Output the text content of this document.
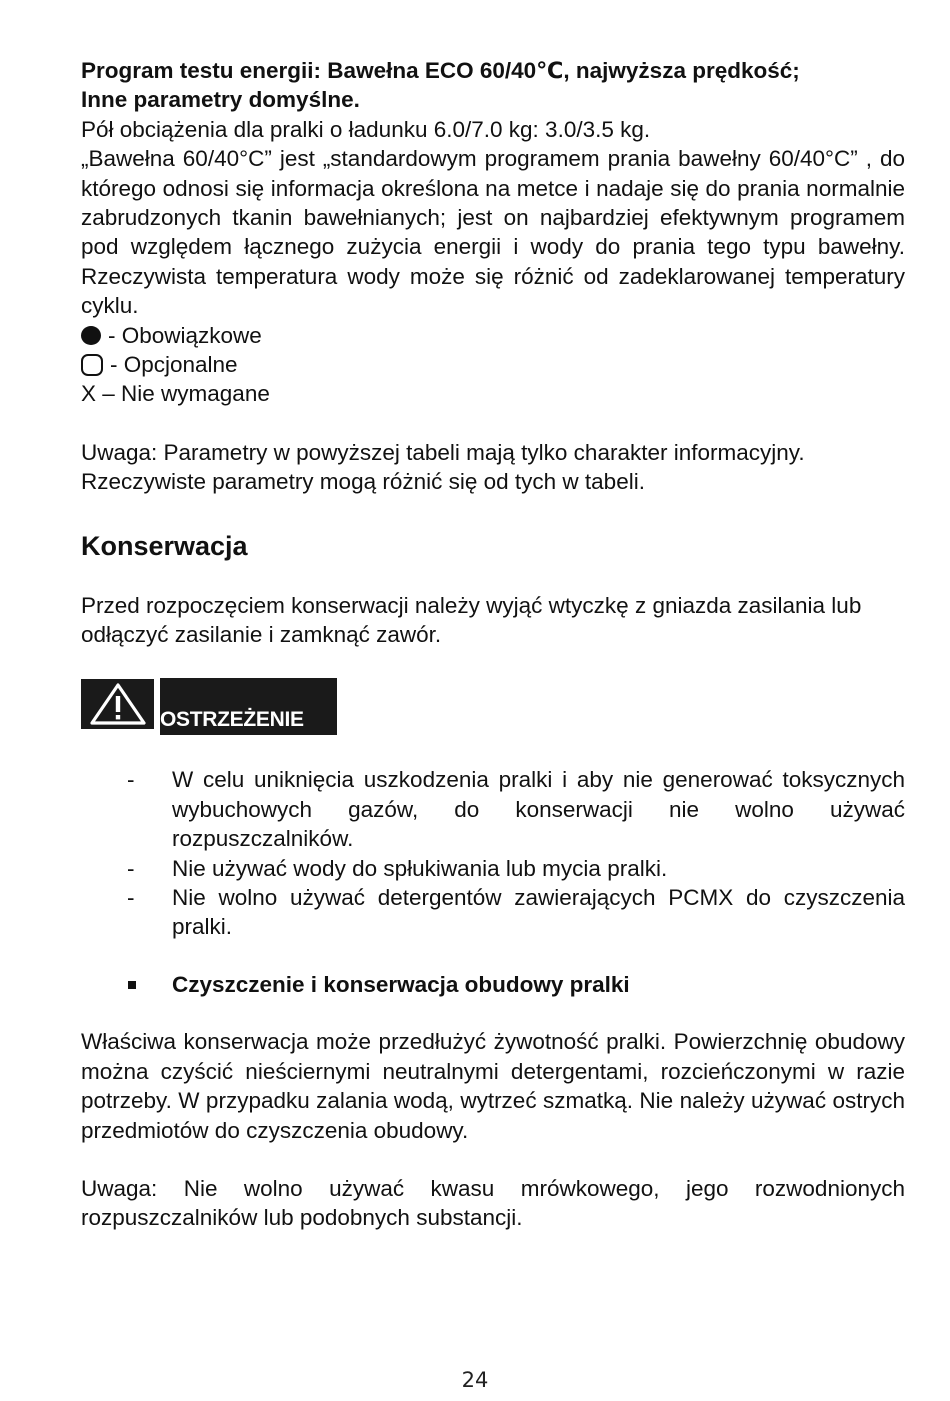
Program testu energii: Bawełna ECO 60/40℃, najwyższa prędkość;

Inne parametry domyślne.

Pół obciążenia dla pralki o ładunku 6.0/7.0 kg: 3.0/3.5 kg.

„Bawełna 60/40°C” jest „standardowym programem prania bawełny 60/40°C” , do którego odnosi się informacja określona na metce i nadaje się do prania normalnie zabrudzonych tkanin bawełnianych; jest on najbardziej efektywnym programem pod względem łącznego zużycia energii i wody do prania tego typu bawełny. Rzeczywista temperatura wody może się różnić od zadeklarowanej temperatury cyklu.

- Obowiązkowe
- Opcjonalne
X – Nie wymagane

Uwaga: Parametry w powyższej tabeli mają tylko charakter informacyjny. Rzeczywiste parametry mogą różnić się od tych w tabeli.

Konserwacja

Przed rozpoczęciem konserwacji należy wyjąć wtyczkę z gniazda zasilania lub odłączyć zasilanie i zamknąć zawór.

OSTRZEŻENIE
- W celu uniknięcia uszkodzenia pralki i aby nie generować toksycznych wybuchowych gazów, do konserwacji nie wolno używać rozpuszczalników.
- Nie używać wody do spłukiwania lub mycia pralki.
- Nie wolno używać detergentów zawierających PCMX do czyszczenia pralki.
Czyszczenie i konserwacja obudowy pralki

Właściwa konserwacja może przedłużyć żywotność pralki. Powierzchnię obudowy można czyścić nieściernymi neutralnymi detergentami, rozcieńczonymi w razie potrzeby. W przypadku zalania wodą, wytrzeć szmatką. Nie należy używać ostrych przedmiotów do czyszczenia obudowy.

Uwaga: Nie wolno używać kwasu mrówkowego, jego rozwodnionych rozpuszczalników lub podobnych substancji.

24
